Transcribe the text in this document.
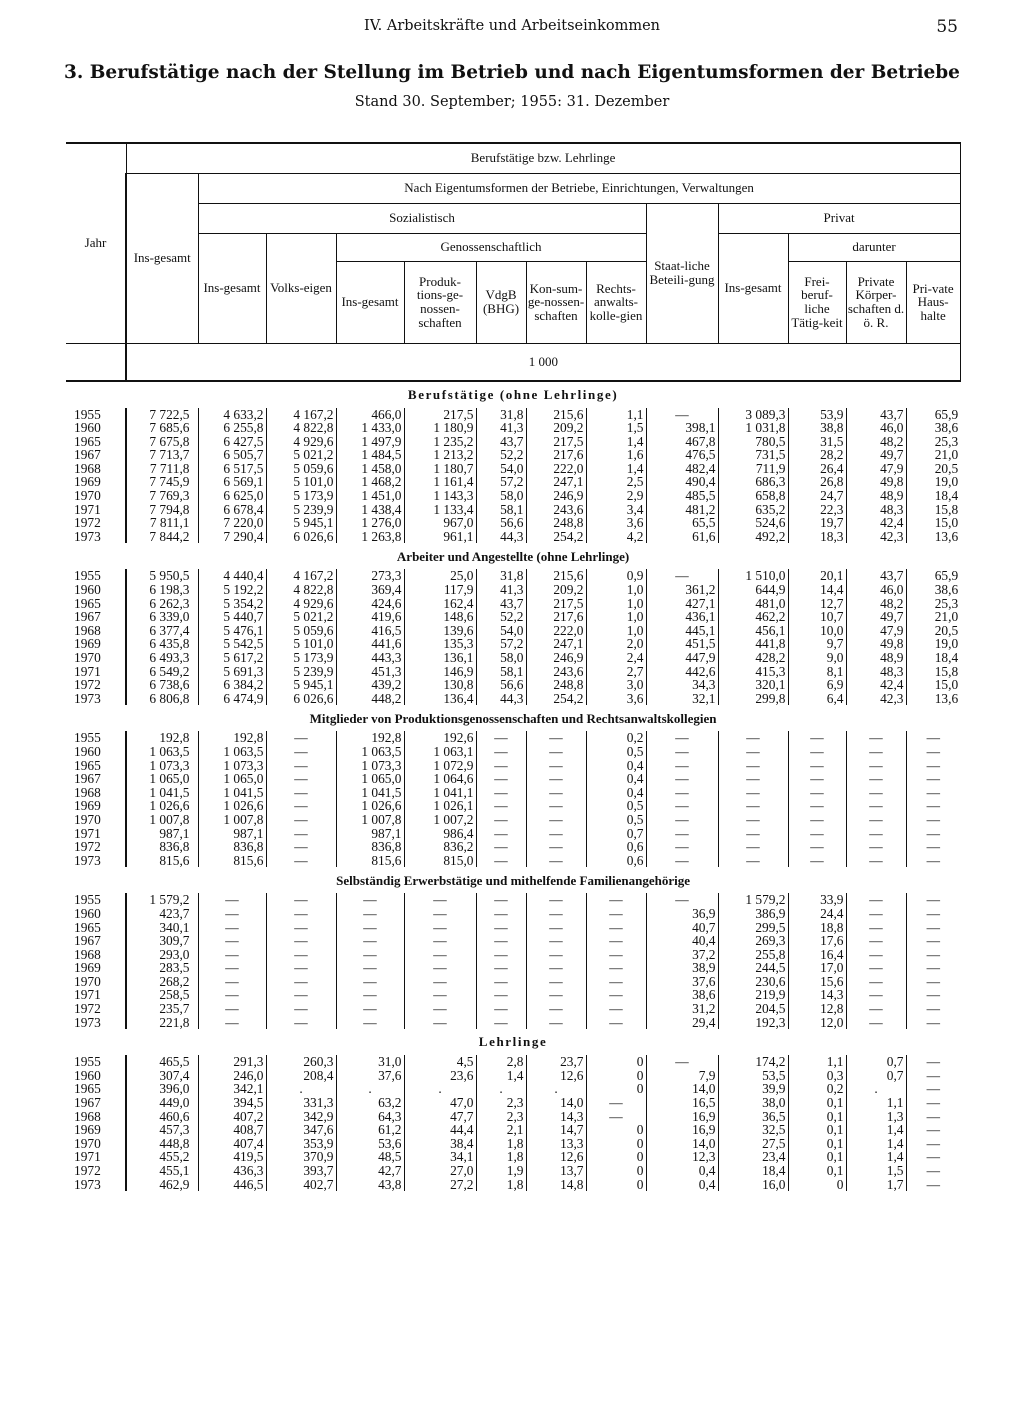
IV. Arbeitskräfte und Arbeitseinkommen	55
3. Berufstätige nach der Stellung im Betrieb und nach Eigentumsformen der Betriebe
Stand 30. September; 1955: 31. Dezember
Jahr	Berufstätige bzw. Lehrlinge												
	Ins-gesamt	Nach Eigentumsformen der Betriebe, Einrichtungen, Verwaltungen											
		Sozialistisch							Staat-liche Beteili-gung	Privat			
		Ins-gesamt	Volks-eigen	Genossenschaftlich						Ins-gesamt	darunter		
				Ins-gesamt	Produk-tions-ge-nossen-schaften	VdgB (BHG)	Kon-sum-ge-nossen-schaften	Rechts-anwalts-kolle-gien			Frei-beruf-liche Tätig-keit	Private Körper-schaften d. ö. R.	Pri-vate Haus-halte
	1 000												
Berufstätige (ohne Lehrlinge)													
1955	7 722,5	4 633,2	4 167,2	466,0	217,5	31,8	215,6	1,1	—	3 089,3	53,9	43,7	65,9
1960	7 685,6	6 255,8	4 822,8	1 433,0	1 180,9	41,3	209,2	1,5	398,1	1 031,8	38,8	46,0	38,6
1965	7 675,8	6 427,5	4 929,6	1 497,9	1 235,2	43,7	217,5	1,4	467,8	780,5	31,5	48,2	25,3
1967	7 713,7	6 505,7	5 021,2	1 484,5	1 213,2	52,2	217,6	1,6	476,5	731,5	28,2	49,7	21,0
1968	7 711,8	6 517,5	5 059,6	1 458,0	1 180,7	54,0	222,0	1,4	482,4	711,9	26,4	47,9	20,5
1969	7 745,9	6 569,1	5 101,0	1 468,2	1 161,4	57,2	247,1	2,5	490,4	686,3	26,8	49,8	19,0
1970	7 769,3	6 625,0	5 173,9	1 451,0	1 143,3	58,0	246,9	2,9	485,5	658,8	24,7	48,9	18,4
1971	7 794,8	6 678,4	5 239,9	1 438,4	1 133,4	58,1	243,6	3,4	481,2	635,2	22,3	48,3	15,8
1972	7 811,1	7 220,0	5 945,1	1 276,0	967,0	56,6	248,8	3,6	65,5	524,6	19,7	42,4	15,0
1973	7 844,2	7 290,4	6 026,6	1 263,8	961,1	44,3	254,2	4,2	61,6	492,2	18,3	42,3	13,6
Arbeiter und Angestellte (ohne Lehrlinge)													
1955	5 950,5	4 440,4	4 167,2	273,3	25,0	31,8	215,6	0,9	—	1 510,0	20,1	43,7	65,9
1960	6 198,3	5 192,2	4 822,8	369,4	117,9	41,3	209,2	1,0	361,2	644,9	14,4	46,0	38,6
1965	6 262,3	5 354,2	4 929,6	424,6	162,4	43,7	217,5	1,0	427,1	481,0	12,7	48,2	25,3
1967	6 339,0	5 440,7	5 021,2	419,6	148,6	52,2	217,6	1,0	436,1	462,2	10,7	49,7	21,0
1968	6 377,4	5 476,1	5 059,6	416,5	139,6	54,0	222,0	1,0	445,1	456,1	10,0	47,9	20,5
1969	6 435,8	5 542,5	5 101,0	441,6	135,3	57,2	247,1	2,0	451,5	441,8	9,7	49,8	19,0
1970	6 493,3	5 617,2	5 173,9	443,3	136,1	58,0	246,9	2,4	447,9	428,2	9,0	48,9	18,4
1971	6 549,2	5 691,3	5 239,9	451,3	146,9	58,1	243,6	2,7	442,6	415,3	8,1	48,3	15,8
1972	6 738,6	6 384,2	5 945,1	439,2	130,8	56,6	248,8	3,0	34,3	320,1	6,9	42,4	15,0
1973	6 806,8	6 474,9	6 026,6	448,2	136,4	44,3	254,2	3,6	32,1	299,8	6,4	42,3	13,6
Mitglieder von Produktionsgenossenschaften und Rechtsanwaltskollegien													
1955	192,8	192,8	—	192,8	192,6	—	—	0,2	—	—	—	—	—
1960	1 063,5	1 063,5	—	1 063,5	1 063,1	—	—	0,5	—	—	—	—	—
1965	1 073,3	1 073,3	—	1 073,3	1 072,9	—	—	0,4	—	—	—	—	—
1967	1 065,0	1 065,0	—	1 065,0	1 064,6	—	—	0,4	—	—	—	—	—
1968	1 041,5	1 041,5	—	1 041,5	1 041,1	—	—	0,4	—	—	—	—	—
1969	1 026,6	1 026,6	—	1 026,6	1 026,1	—	—	0,5	—	—	—	—	—
1970	1 007,8	1 007,8	—	1 007,8	1 007,2	—	—	0,5	—	—	—	—	—
1971	987,1	987,1	—	987,1	986,4	—	—	0,7	—	—	—	—	—
1972	836,8	836,8	—	836,8	836,2	—	—	0,6	—	—	—	—	—
1973	815,6	815,6	—	815,6	815,0	—	—	0,6	—	—	—	—	—
Selbständig Erwerbstätige und mithelfende Familienangehörige													
1955	1 579,2	—	—	—	—	—	—	—	—	1 579,2	33,9	—	—
1960	423,7	—	—	—	—	—	—	—	36,9	386,9	24,4	—	—
1965	340,1	—	—	—	—	—	—	—	40,7	299,5	18,8	—	—
1967	309,7	—	—	—	—	—	—	—	40,4	269,3	17,6	—	—
1968	293,0	—	—	—	—	—	—	—	37,2	255,8	16,4	—	—
1969	283,5	—	—	—	—	—	—	—	38,9	244,5	17,0	—	—
1970	268,2	—	—	—	—	—	—	—	37,6	230,6	15,6	—	—
1971	258,5	—	—	—	—	—	—	—	38,6	219,9	14,3	—	—
1972	235,7	—	—	—	—	—	—	—	31,2	204,5	12,8	—	—
1973	221,8	—	—	—	—	—	—	—	29,4	192,3	12,0	—	—
Lehrlinge													
1955	465,5	291,3	260,3	31,0	4,5	2,8	23,7	0	—	174,2	1,1	0,7	—
1960	307,4	246,0	208,4	37,6	23,6	1,4	12,6	0	7,9	53,5	0,3	0,7	—
1965	396,0	342,1	.	.	.	.	.	0	14,0	39,9	0,2	.	—
1967	449,0	394,5	331,3	63,2	47,0	2,3	14,0	—	16,5	38,0	0,1	1,1	—
1968	460,6	407,2	342,9	64,3	47,7	2,3	14,3	—	16,9	36,5	0,1	1,3	—
1969	457,3	408,7	347,6	61,2	44,4	2,1	14,7	0	16,9	32,5	0,1	1,4	—
1970	448,8	407,4	353,9	53,6	38,4	1,8	13,3	0	14,0	27,5	0,1	1,4	—
1971	455,2	419,5	370,9	48,5	34,1	1,8	12,6	0	12,3	23,4	0,1	1,4	—
1972	455,1	436,3	393,7	42,7	27,0	1,9	13,7	0	0,4	18,4	0,1	1,5	—
1973	462,9	446,5	402,7	43,8	27,2	1,8	14,8	0	0,4	16,0	0	1,7	—
